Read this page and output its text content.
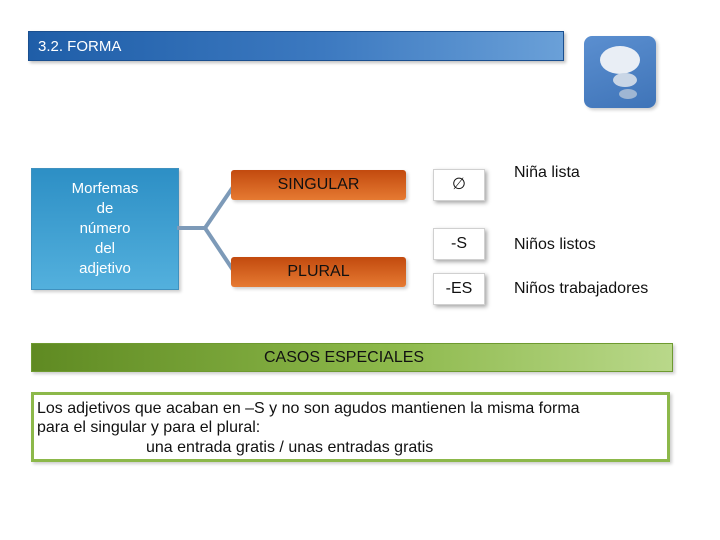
3.2. FORMA
Morfemas
de
número
del
adjetivo
SINGULAR
PLURAL
∅
-S
-ES
Niña lista
Niños listos
Niños trabajadores
CASOS ESPECIALES
Los adjetivos que acaban en –S y no son agudos mantienen la misma forma
para el singular y para el plural:
una entrada gratis / unas entradas gratis
